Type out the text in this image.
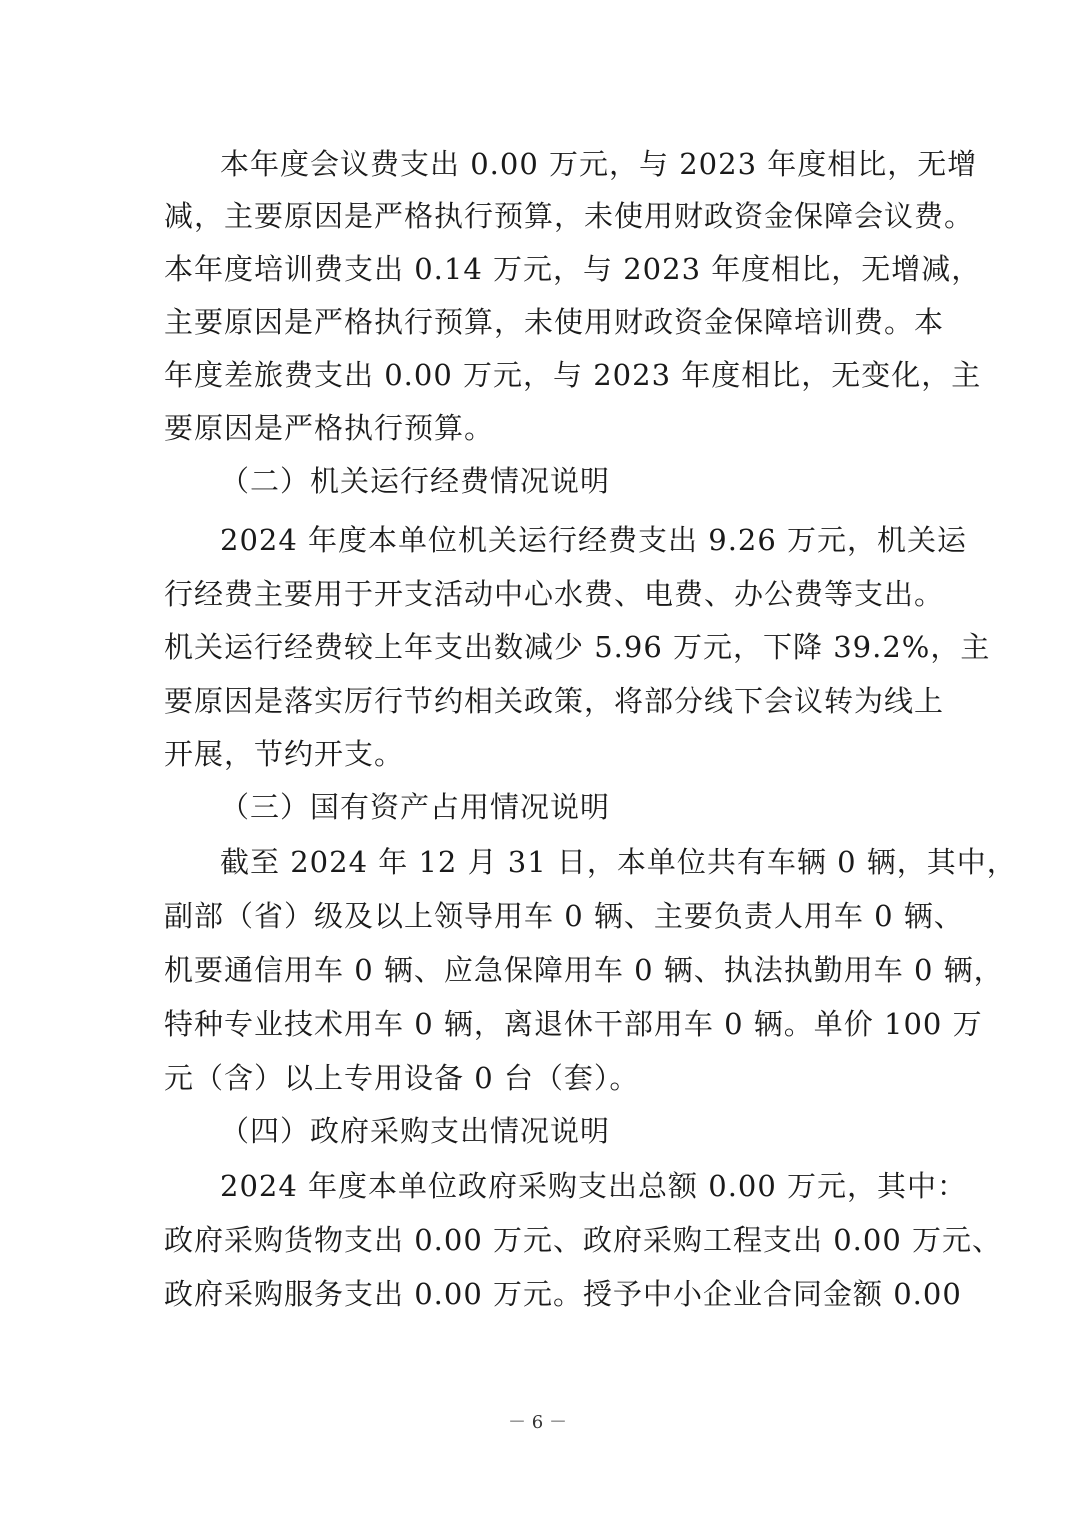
本年度会议费支出 0.00 万元，与 2023 年度相比，无增
减，主要原因是严格执行预算，未使用财政资金保障会议费。
本年度培训费支出 0.14 万元，与 2023 年度相比，无增减，
主要原因是严格执行预算，未使用财政资金保障培训费。本
年度差旅费支出 0.00 万元，与 2023 年度相比，无变化，主
要原因是严格执行预算。
（二）机关运行经费情况说明
2024 年度本单位机关运行经费支出 9.26 万元，机关运
行经费主要用于开支活动中心水费、电费、办公费等支出。
机关运行经费较上年支出数减少 5.96 万元，下降 39.2%，主
要原因是落实厉行节约相关政策，将部分线下会议转为线上
开展，节约开支。
（三）国有资产占用情况说明
截至 2024 年 12 月 31 日，本单位共有车辆 0 辆，其中，
副部（省）级及以上领导用车 0 辆、主要负责人用车 0 辆、
机要通信用车 0 辆、应急保障用车 0 辆、执法执勤用车 0 辆，
特种专业技术用车 0 辆，离退休干部用车 0 辆。单价 100 万
元（含）以上专用设备 0 台（套）。
（四）政府采购支出情况说明
2024 年度本单位政府采购支出总额 0.00 万元，其中：
政府采购货物支出 0.00 万元、政府采购工程支出 0.00 万元、
政府采购服务支出 0.00 万元。授予中小企业合同金额 0.00
－ 6 －
